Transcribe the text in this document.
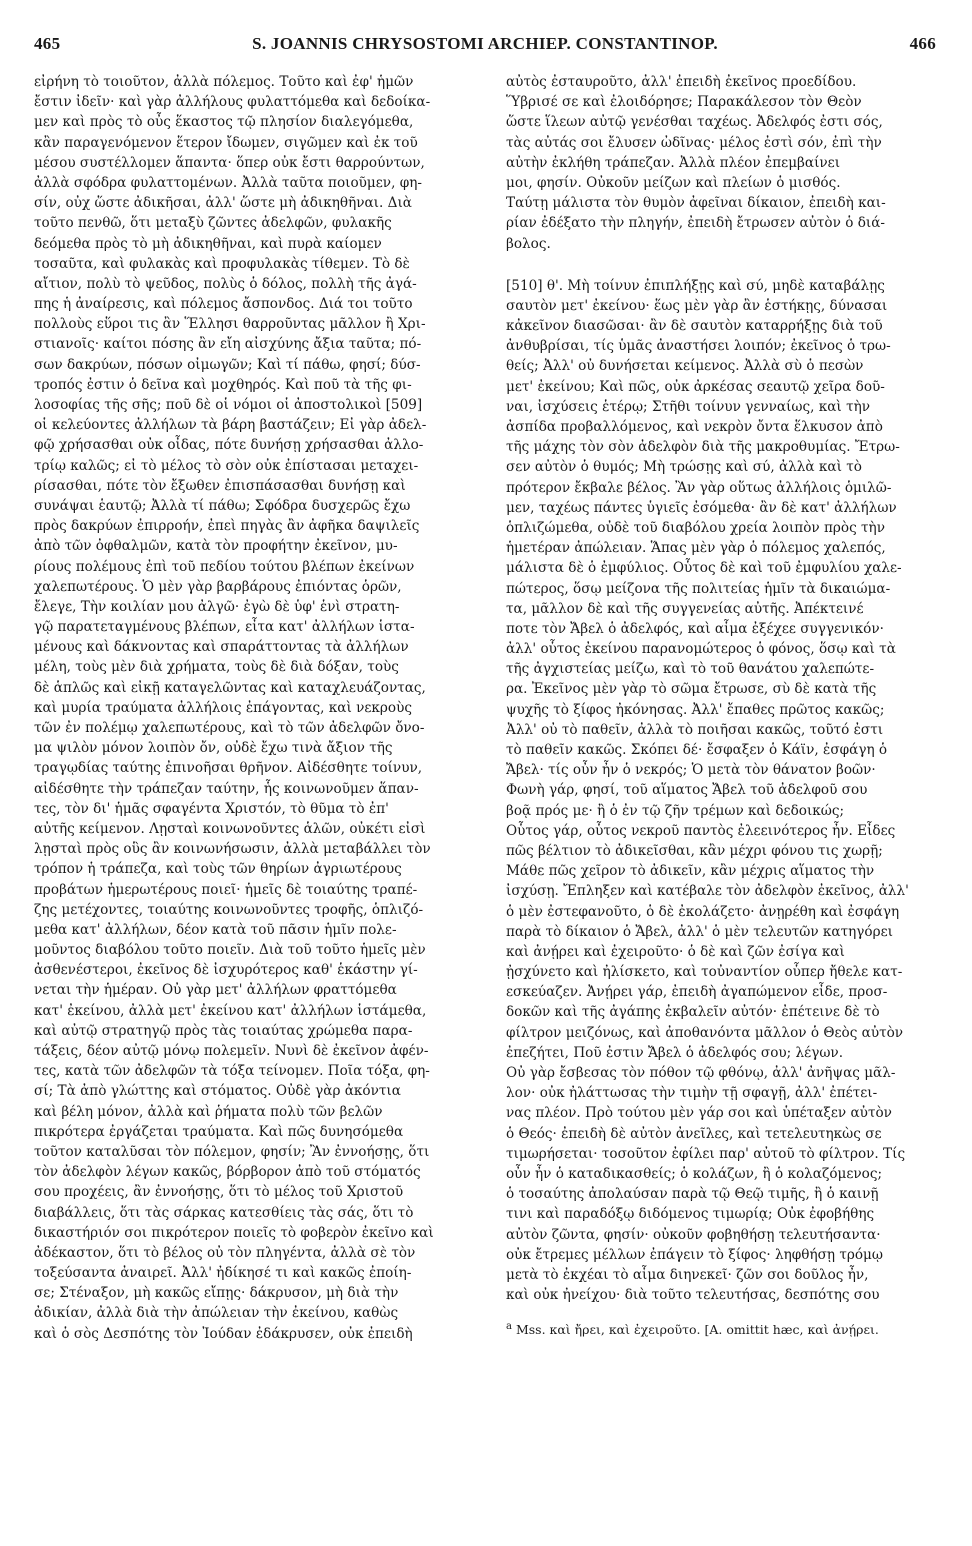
465	S. JOANNIS CHRYSOSTOMI ARCHIEP. CONSTANTINOP.	466
εἰρήνη τὸ τοιοῦτον, ἀλλὰ πόλεμος. Τοῦτο καὶ ἐφ' ἡμῶν
ἔστιν ἰδεῖν· καὶ γὰρ ἀλλήλους φυλαττόμεθα καὶ δεδοίκα-
μεν καὶ πρὸς τὸ οὖς ἕκαστος τῷ πλησίον διαλεγόμεθα,
κἂν παραγενόμενον ἕτερον ἴδωμεν, σιγῶμεν καὶ ἐκ τοῦ
μέσου συστέλλομεν ἅπαντα· ὅπερ οὐκ ἔστι θαρρούντων,
ἀλλὰ σφόδρα φυλαττομένων. Ἀλλὰ ταῦτα ποιοῦμεν, φη-
σίν, οὐχ ὥστε ἀδικῆσαι, ἀλλ' ὥστε μὴ ἀδικηθῆναι. Διὰ
τοῦτο πενθῶ, ὅτι μεταξὺ ζῶντες ἀδελφῶν, φυλακῆς
δεόμεθα πρὸς τὸ μὴ ἀδικηθῆναι, καὶ πυρὰ καίομεν
τοσαῦτα, καὶ φυλακὰς καὶ προφυλακὰς τίθεμεν. Τὸ δὲ
αἴτιον, πολὺ τὸ ψεῦδος, πολὺς ὁ δόλος, πολλὴ τῆς ἀγά-
πης ἡ ἀναίρεσις, καὶ πόλεμος ἄσπονδος. Διά τοι τοῦτο
πολλοὺς εὕροι τις ἂν Ἕλλησι θαρροῦντας μᾶλλον ἢ Χρι-
στιανοῖς· καίτοι πόσης ἂν εἴη αἰσχύνης ἄξια ταῦτα; πό-
σων δακρύων, πόσων οἰμωγῶν; Καὶ τί πάθω, φησί; δύσ-
τροπός ἐστιν ὁ δεῖνα καὶ μοχθηρός. Καὶ ποῦ τὰ τῆς φι-
λοσοφίας τῆς σῆς; ποῦ δὲ οἱ νόμοι οἱ ἀποστολικοὶ [509]
οἱ κελεύοντες ἀλλήλων τὰ βάρη βαστάζειν; Εἰ γὰρ ἀδελ-
φῷ χρήσασθαι οὐκ οἶδας, πότε δυνήσῃ χρήσασθαι ἀλλο-
τρίῳ καλῶς; εἰ τὸ μέλος τὸ σὸν οὐκ ἐπίστασαι μεταχει-
ρίσασθαι, πότε τὸν ἔξωθεν ἐπισπάσασθαι δυνήσῃ καὶ
συνάψαι ἑαυτῷ; Ἀλλὰ τί πάθω; Σφόδρα δυσχερῶς ἔχω
πρὸς δακρύων ἐπιρροήν, ἐπεὶ πηγὰς ἂν ἀφῆκα δαψιλεῖς
ἀπὸ τῶν ὀφθαλμῶν, κατὰ τὸν προφήτην ἐκεῖνον, μυ-
ρίους πολέμους ἐπὶ τοῦ πεδίου τούτου βλέπων ἐκείνων
χαλεπωτέρους. Ὁ μὲν γὰρ βαρβάρους ἐπιόντας ὁρῶν,
ἔλεγε, Τὴν κοιλίαν μου ἀλγῶ· ἐγὼ δὲ ὑφ' ἑνὶ στρατη-
γῷ παρατεταγμένους βλέπων, εἶτα κατ' ἀλλήλων ἱστα-
μένους καὶ δάκνοντας καὶ σπαράττοντας τὰ ἀλλήλων
μέλη, τοὺς μὲν διὰ χρήματα, τοὺς δὲ διὰ δόξαν, τοὺς
δὲ ἁπλῶς καὶ εἰκῇ καταγελῶντας καὶ καταχλευάζοντας,
καὶ μυρία τραύματα ἀλλήλοις ἐπάγοντας, καὶ νεκροὺς
τῶν ἐν πολέμῳ χαλεπωτέρους, καὶ τὸ τῶν ἀδελφῶν ὄνο-
μα ψιλὸν μόνον λοιπὸν ὄν, οὐδὲ ἔχω τινὰ ἄξιον τῆς
τραγῳδίας ταύτης ἐπινοῆσαι θρῆνον. Αἰδέσθητε τοίνυν,
αἰδέσθητε τὴν τράπεζαν ταύτην, ἧς κοινωνοῦμεν ἅπαν-
τες, τὸν δι' ἡμᾶς σφαγέντα Χριστόν, τὸ θῦμα τὸ ἐπ'
αὐτῆς κείμενον. Λῃσταὶ κοινωνοῦντες ἁλῶν, οὐκέτι εἰσὶ
λῃσταὶ πρὸς οὓς ἂν κοινωνήσωσιν, ἀλλὰ μεταβάλλει τὸν
τρόπον ἡ τράπεζα, καὶ τοὺς τῶν θηρίων ἀγριωτέρους
προβάτων ἡμερωτέρους ποιεῖ· ἡμεῖς δὲ τοιαύτης τραπέ-
ζης μετέχοντες, τοιαύτης κοινωνοῦντες τροφῆς, ὁπλιζό-
μεθα κατ' ἀλλήλων, δέον κατὰ τοῦ πᾶσιν ἡμῖν πολε-
μοῦντος διαβόλου τοῦτο ποιεῖν. Διὰ τοῦ τοῦτο ἡμεῖς μὲν
ἀσθενέστεροι, ἐκεῖνος δὲ ἰσχυρότερος καθ' ἑκάστην γί-
νεται τὴν ἡμέραν. Οὐ γὰρ μετ' ἀλλήλων φραττόμεθα
κατ' ἐκείνου, ἀλλὰ μετ' ἐκείνου κατ' ἀλλήλων ἱστάμεθα,
καὶ αὐτῷ στρατηγῷ πρὸς τὰς τοιαύτας χρώμεθα παρα-
τάξεις, δέον αὐτῷ μόνῳ πολεμεῖν. Νυνὶ δὲ ἐκεῖνον ἀφέν-
τες, κατὰ τῶν ἀδελφῶν τὰ τόξα τείνομεν. Ποῖα τόξα, φη-
σί; Τὰ ἀπὸ γλώττης καὶ στόματος. Οὐδὲ γὰρ ἀκόντια
καὶ βέλη μόνον, ἀλλὰ καὶ ῥήματα πολὺ τῶν βελῶν
πικρότερα ἐργάζεται τραύματα. Καὶ πῶς δυνησόμεθα
τοῦτον καταλῦσαι τὸν πόλεμον, φησίν; Ἂν ἐννοήσῃς, ὅτι
τὸν ἀδελφὸν λέγων κακῶς, βόρβορον ἀπὸ τοῦ στόματός
σου προχέεις, ἂν ἐννοήσῃς, ὅτι τὸ μέλος τοῦ Χριστοῦ
διαβάλλεις, ὅτι τὰς σάρκας κατεσθίεις τὰς σάς, ὅτι τὸ
δικαστήριόν σοι πικρότερον ποιεῖς τὸ φοβερὸν ἐκεῖνο καὶ
ἀδέκαστον, ὅτι τὸ βέλος οὐ τὸν πληγέντα, ἀλλὰ σὲ τὸν
τοξεύσαντα ἀναιρεῖ. Ἀλλ' ἠδίκησέ τι καὶ κακῶς ἐποίη-
σε; Στέναξον, μὴ κακῶς εἴπῃς· δάκρυσον, μὴ διὰ τὴν
ἀδικίαν, ἀλλὰ διὰ τὴν ἀπώλειαν τὴν ἐκείνου, καθὼς
καὶ ὁ σὸς Δεσπότης τὸν Ἰούδαν ἐδάκρυσεν, οὐκ ἐπειδὴ
αὐτὸς ἐσταυροῦτο, ἀλλ' ἐπειδὴ ἐκεῖνος προεδίδου.
Ὕβρισέ σε καὶ ἐλοιδόρησε; Παρακάλεσον τὸν Θεὸν
ὥστε ἵλεων αὐτῷ γενέσθαι ταχέως. Ἀδελφός ἐστι σός,
τὰς αὐτάς σοι ἔλυσεν ὠδῖνας· μέλος ἐστὶ σόν, ἐπὶ τὴν
αὐτὴν ἐκλήθη τράπεζαν. Ἀλλὰ πλέον ἐπεμβαίνει
μοι, φησίν. Οὐκοῦν μείζων καὶ πλείων ὁ μισθός.
Ταύτῃ μάλιστα τὸν θυμὸν ἀφεῖναι δίκαιον, ἐπειδὴ και-
ρίαν ἐδέξατο τὴν πληγήν, ἐπειδὴ ἔτρωσεν αὐτὸν ὁ διά-
βολος.
[510] θ'. Μὴ τοίνυν ἐπιπλήξῃς καὶ σύ, μηδὲ καταβάλῃς
σαυτὸν μετ' ἐκείνου· ἕως μὲν γὰρ ἂν ἑστήκῃς, δύνασαι
κἀκεῖνον διασῶσαι· ἂν δὲ σαυτὸν καταρρήξῃς διὰ τοῦ
ἀνθυβρίσαι, τίς ὑμᾶς ἀναστήσει λοιπόν; ἐκεῖνος ὁ τρω-
θείς; Ἀλλ' οὐ δυνήσεται κείμενος. Ἀλλὰ σὺ ὁ πεσὼν
μετ' ἐκείνου; Καὶ πῶς, οὐκ ἀρκέσας σεαυτῷ χεῖρα δοῦ-
ναι, ἰσχύσεις ἑτέρῳ; Στῆθι τοίνυν γενναίως, καὶ τὴν
ἀσπίδα προβαλλόμενος, καὶ νεκρὸν ὄντα ἕλκυσον ἀπὸ
τῆς μάχης τὸν σὸν ἀδελφὸν διὰ τῆς μακροθυμίας. Ἔτρω-
σεν αὐτὸν ὁ θυμός; Μὴ τρώσῃς καὶ σύ, ἀλλὰ καὶ τὸ
πρότερον ἔκβαλε βέλος. Ἂν γὰρ οὕτως ἀλλήλοις ὁμιλῶ-
μεν, ταχέως πάντες ὑγιεῖς ἐσόμεθα· ἂν δὲ κατ' ἀλλήλων
ὁπλιζώμεθα, οὐδὲ τοῦ διαβόλου χρεία λοιπὸν πρὸς τὴν
ἡμετέραν ἀπώλειαν. Ἅπας μὲν γὰρ ὁ πόλεμος χαλεπός,
μάλιστα δὲ ὁ ἐμφύλιος. Οὗτος δὲ καὶ τοῦ ἐμφυλίου χαλε-
πώτερος, ὅσῳ μείζονα τῆς πολιτείας ἡμῖν τὰ δικαιώμα-
τα, μᾶλλον δὲ καὶ τῆς συγγενείας αὐτῆς. Ἀπέκτεινέ
ποτε τὸν Ἄβελ ὁ ἀδελφός, καὶ αἷμα ἐξέχεε συγγενικόν·
ἀλλ' οὗτος ἐκείνου παρανομώτερος ὁ φόνος, ὅσῳ καὶ τὰ
τῆς ἀγχιστείας μείζω, καὶ τὸ τοῦ θανάτου χαλεπώτε-
ρα. Ἐκεῖνος μὲν γὰρ τὸ σῶμα ἔτρωσε, σὺ δὲ κατὰ τῆς
ψυχῆς τὸ ξίφος ἠκόνησας. Ἀλλ' ἔπαθες πρῶτος κακῶς;
Ἀλλ' οὐ τὸ παθεῖν, ἀλλὰ τὸ ποιῆσαι κακῶς, τοῦτό ἐστι
τὸ παθεῖν κακῶς. Σκόπει δέ· ἔσφαξεν ὁ Κάϊν, ἐσφάγη ὁ
Ἄβελ· τίς οὖν ἦν ὁ νεκρός; Ὁ μετὰ τὸν θάνατον βοῶν·
Φωνὴ γάρ, φησί, τοῦ αἵματος Ἄβελ τοῦ ἀδελφοῦ σου
βοᾷ πρός με· ἢ ὁ ἐν τῷ ζῆν τρέμων καὶ δεδοικώς;
Οὗτος γάρ, οὗτος νεκροῦ παντὸς ἐλεεινότερος ἦν. Εἶδες
πῶς βέλτιον τὸ ἀδικεῖσθαι, κἂν μέχρι φόνου τις χωρῇ;
Μάθε πῶς χεῖρον τὸ ἀδικεῖν, κἂν μέχρις αἵματος τὴν
ἰσχύσῃ. Ἔπληξεν καὶ κατέβαλε τὸν ἀδελφὸν ἐκεῖνος, ἀλλ'
ὁ μὲν ἐστεφανοῦτο, ὁ δὲ ἐκολάζετο· ἀνῃρέθη καὶ ἐσφάγη
παρὰ τὸ δίκαιον ὁ Ἄβελ, ἀλλ' ὁ μὲν τελευτῶν κατηγόρει
καὶ ἀνῄρει καὶ ἐχειροῦτο· ὁ δὲ καὶ ζῶν ἐσίγα καὶ
ᾐσχύνετο καὶ ἠλίσκετο, καὶ τοὐναντίον οὗπερ ἤθελε κατ-
εσκεύαζεν. Ἀνῄρει γάρ, ἐπειδὴ ἀγαπώμενον εἶδε, προσ-
δοκῶν καὶ τῆς ἀγάπης ἐκβαλεῖν αὐτόν· ἐπέτεινε δὲ τὸ
φίλτρον μειζόνως, καὶ ἀποθανόντα μᾶλλον ὁ Θεὸς αὐτὸν
ἐπεζήτει, Ποῦ ἐστιν Ἄβελ ὁ ἀδελφός σου; λέγων.
Οὐ γὰρ ἔσβεσας τὸν πόθον τῷ φθόνῳ, ἀλλ' ἀνῆψας μᾶλ-
λον· οὐκ ἠλάττωσας τὴν τιμὴν τῇ σφαγῇ, ἀλλ' ἐπέτει-
νας πλέον. Πρὸ τούτου μὲν γάρ σοι καὶ ὑπέταξεν αὐτὸν
ὁ Θεός· ἐπειδὴ δὲ αὐτὸν ἀνεῖλες, καὶ τετελευτηκὼς σε
τιμωρήσεται· τοσοῦτον ἐφίλει παρ' αὐτοῦ τὸ φίλτρον. Τίς
οὖν ἦν ὁ καταδικασθείς; ὁ κολάζων, ἢ ὁ κολαζόμενος;
ὁ τοσαύτης ἀπολαύσαν παρὰ τῷ Θεῷ τιμῆς, ἢ ὁ καινῇ
τινι καὶ παραδόξῳ διδόμενος τιμωρίᾳ; Οὐκ ἐφοβήθης
αὐτὸν ζῶντα, φησίν· οὐκοῦν φοβηθήσῃ τελευτήσαντα·
οὐκ ἔτρεμες μέλλων ἐπάγειν τὸ ξίφος· ληφθήσῃ τρόμῳ
μετὰ τὸ ἐκχέαι τὸ αἷμα διηνεκεῖ· ζῶν σοι δοῦλος ἦν,
καὶ οὐκ ἠνείχου· διὰ τοῦτο τελευτήσας, δεσπότης σου
$^a$ Mss. καὶ ἤρει, καὶ ἐχειροῦτο. [A. omittit hæc, καὶ ἀνῄρει.
